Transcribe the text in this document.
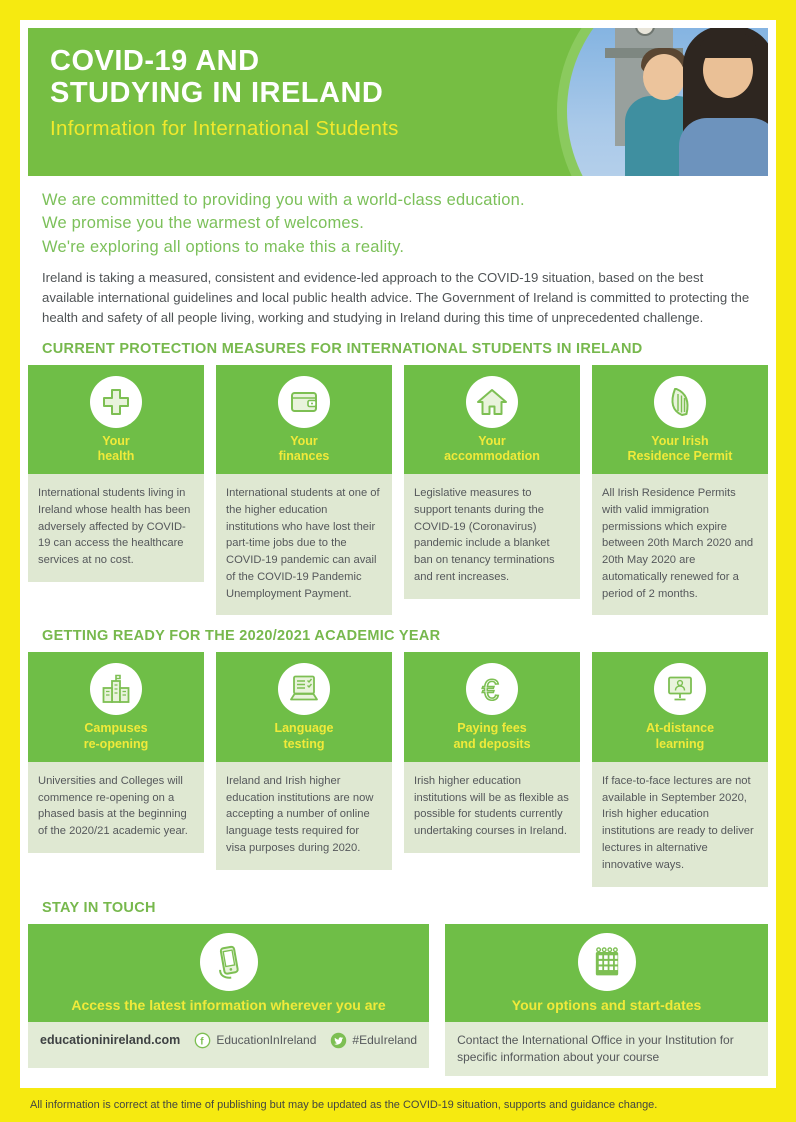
COVID-19 AND
STUDYING IN IRELAND
Information for International Students
We are committed to providing you with a world-class education.
We promise you the warmest of welcomes.
We're exploring all options to make this a reality.
Ireland is taking a measured, consistent and evidence-led approach to the COVID-19 situation, based on the best available international guidelines and local public health advice. The Government of Ireland is committed to protecting the health and safety of all people living, working and studying in Ireland during this time of unprecedented challenge.
CURRENT PROTECTION MEASURES FOR INTERNATIONAL STUDENTS IN IRELAND
Your
health
International students living in Ireland whose health has been adversely affected by COVID-19 can access the healthcare services at no cost.
Your
finances
International students at one of the higher education institutions who have lost their part-time jobs due to the COVID-19 pandemic can avail of the COVID-19 Pandemic Unemployment Payment.
Your
accommodation
Legislative measures to support tenants during the COVID-19 (Coronavirus) pandemic include a blanket ban on tenancy terminations and rent increases.
Your Irish
Residence Permit
All Irish Residence Permits with valid immigration permissions which expire between 20th March 2020 and 20th May 2020 are automatically renewed for a period of 2 months.
GETTING READY FOR THE 2020/2021 ACADEMIC YEAR
Campuses
re-opening
Universities and Colleges will commence re-opening on a phased basis at the beginning of the 2020/21 academic year.
Language
testing
Ireland and Irish higher education institutions are now accepting a number of online language tests required for visa purposes during 2020.
€
Paying fees
and deposits
Irish higher education institutions will be as flexible as possible for students currently undertaking courses in Ireland.
At-distance
learning
If face-to-face lectures are not available in September 2020, Irish higher education institutions are ready to deliver lectures in alternative innovative ways.
STAY IN TOUCH
Access the latest information wherever you are
educationinireland.com f EducationInIreland	#EduIreland
Your options and start-dates
Contact the International Office in your Institution for specific information about your course
All information is correct at the time of publishing but may be updated as the COVID-19 situation, supports and guidance change.
